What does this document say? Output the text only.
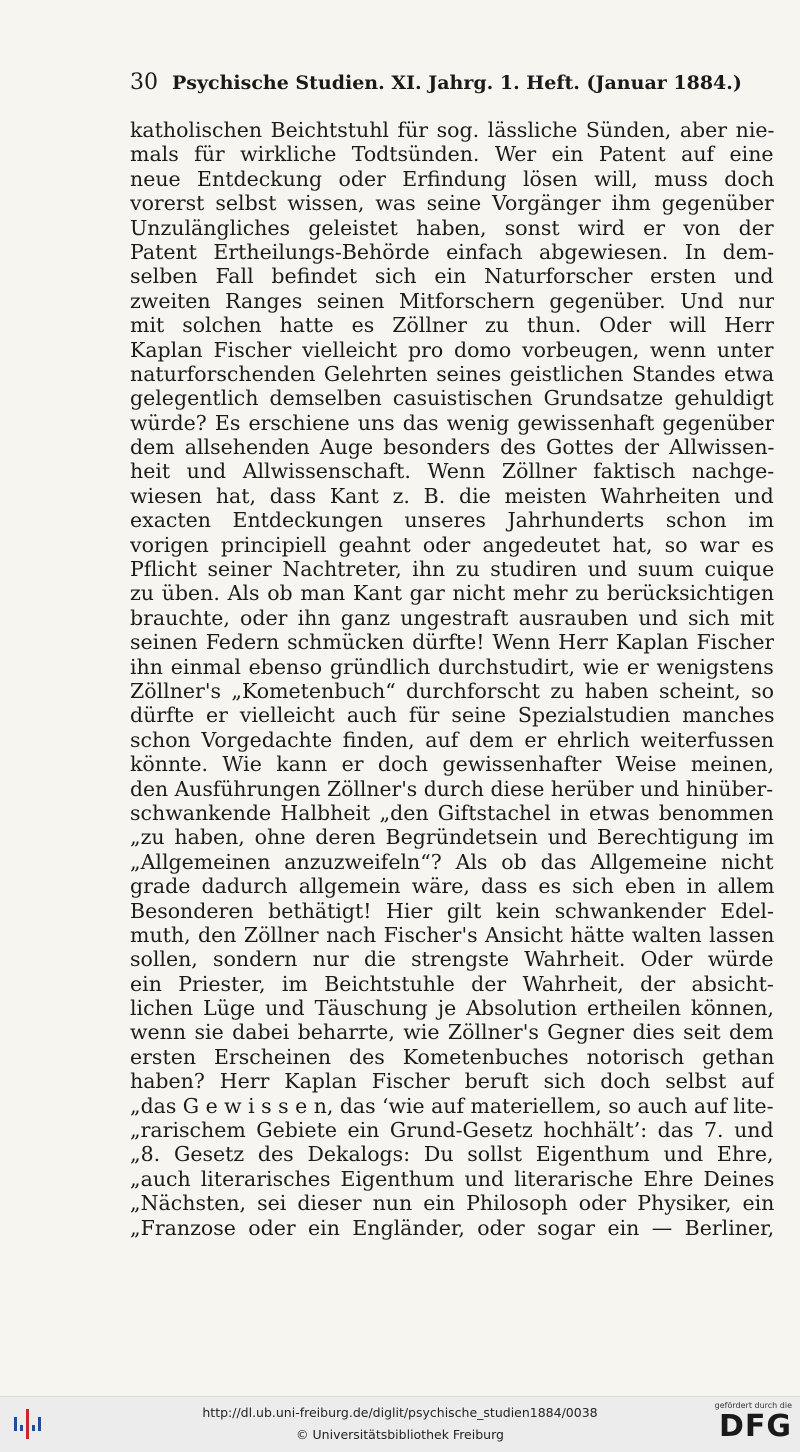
30 Psychische Studien. XI. Jahrg. 1. Heft. (Januar 1884.)
katholischen Beichtstuhl für sog. lässliche Sünden, aber nie-
mals für wirkliche Todtsünden. Wer ein Patent auf eine
neue Entdeckung oder Erfindung lösen will, muss doch
vorerst selbst wissen, was seine Vorgänger ihm gegenüber
Unzulängliches geleistet haben, sonst wird er von der
Patent Ertheilungs-Behörde einfach abgewiesen. In dem-
selben Fall befindet sich ein Naturforscher ersten und
zweiten Ranges seinen Mitforschern gegenüber. Und nur
mit solchen hatte es Zöllner zu thun. Oder will Herr
Kaplan Fischer vielleicht pro domo vorbeugen, wenn unter
naturforschenden Gelehrten seines geistlichen Standes etwa
gelegentlich demselben casuistischen Grundsatze gehuldigt
würde? Es erschiene uns das wenig gewissenhaft gegenüber
dem allsehenden Auge besonders des Gottes der Allwissen-
heit und Allwissenschaft. Wenn Zöllner faktisch nachge-
wiesen hat, dass Kant z. B. die meisten Wahrheiten und
exacten Entdeckungen unseres Jahrhunderts schon im
vorigen principiell geahnt oder angedeutet hat, so war es
Pflicht seiner Nachtreter, ihn zu studiren und suum cuique
zu üben. Als ob man Kant gar nicht mehr zu berücksichtigen
brauchte, oder ihn ganz ungestraft ausrauben und sich mit
seinen Federn schmücken dürfte! Wenn Herr Kaplan Fischer
ihn einmal ebenso gründlich durchstudirt, wie er wenigstens
Zöllner's „Kometenbuch“ durchforscht zu haben scheint, so
dürfte er vielleicht auch für seine Spezialstudien manches
schon Vorgedachte finden, auf dem er ehrlich weiterfussen
könnte. Wie kann er doch gewissenhafter Weise meinen,
den Ausführungen Zöllner's durch diese herüber und hinüber-
schwankende Halbheit „den Giftstachel in etwas benommen
„zu haben, ohne deren Begründetsein und Berechtigung im
„Allgemeinen anzuzweifeln“? Als ob das Allgemeine nicht
grade dadurch allgemein wäre, dass es sich eben in allem
Besonderen bethätigt! Hier gilt kein schwankender Edel-
muth, den Zöllner nach Fischer's Ansicht hätte walten lassen
sollen, sondern nur die strengste Wahrheit. Oder würde
ein Priester, im Beichtstuhle der Wahrheit, der absicht-
lichen Lüge und Täuschung je Absolution ertheilen können,
wenn sie dabei beharrte, wie Zöllner's Gegner dies seit dem
ersten Erscheinen des Kometenbuches notorisch gethan
haben? Herr Kaplan Fischer beruft sich doch selbst auf
„das G e w i s s e n, das ‘wie auf materiellem, so auch auf lite-
„rarischem Gebiete ein Grund-Gesetz hochhält’: das 7. und
„8. Gesetz des Dekalogs: Du sollst Eigenthum und Ehre,
„auch literarisches Eigenthum und literarische Ehre Deines
„Nächsten, sei dieser nun ein Philosoph oder Physiker, ein
„Franzose oder ein Engländer, oder sogar ein — Berliner,
http://dl.ub.uni-freiburg.de/diglit/psychische_studien1884/0038
© Universitätsbibliothek Freiburg
gefördert durch die
DFG
